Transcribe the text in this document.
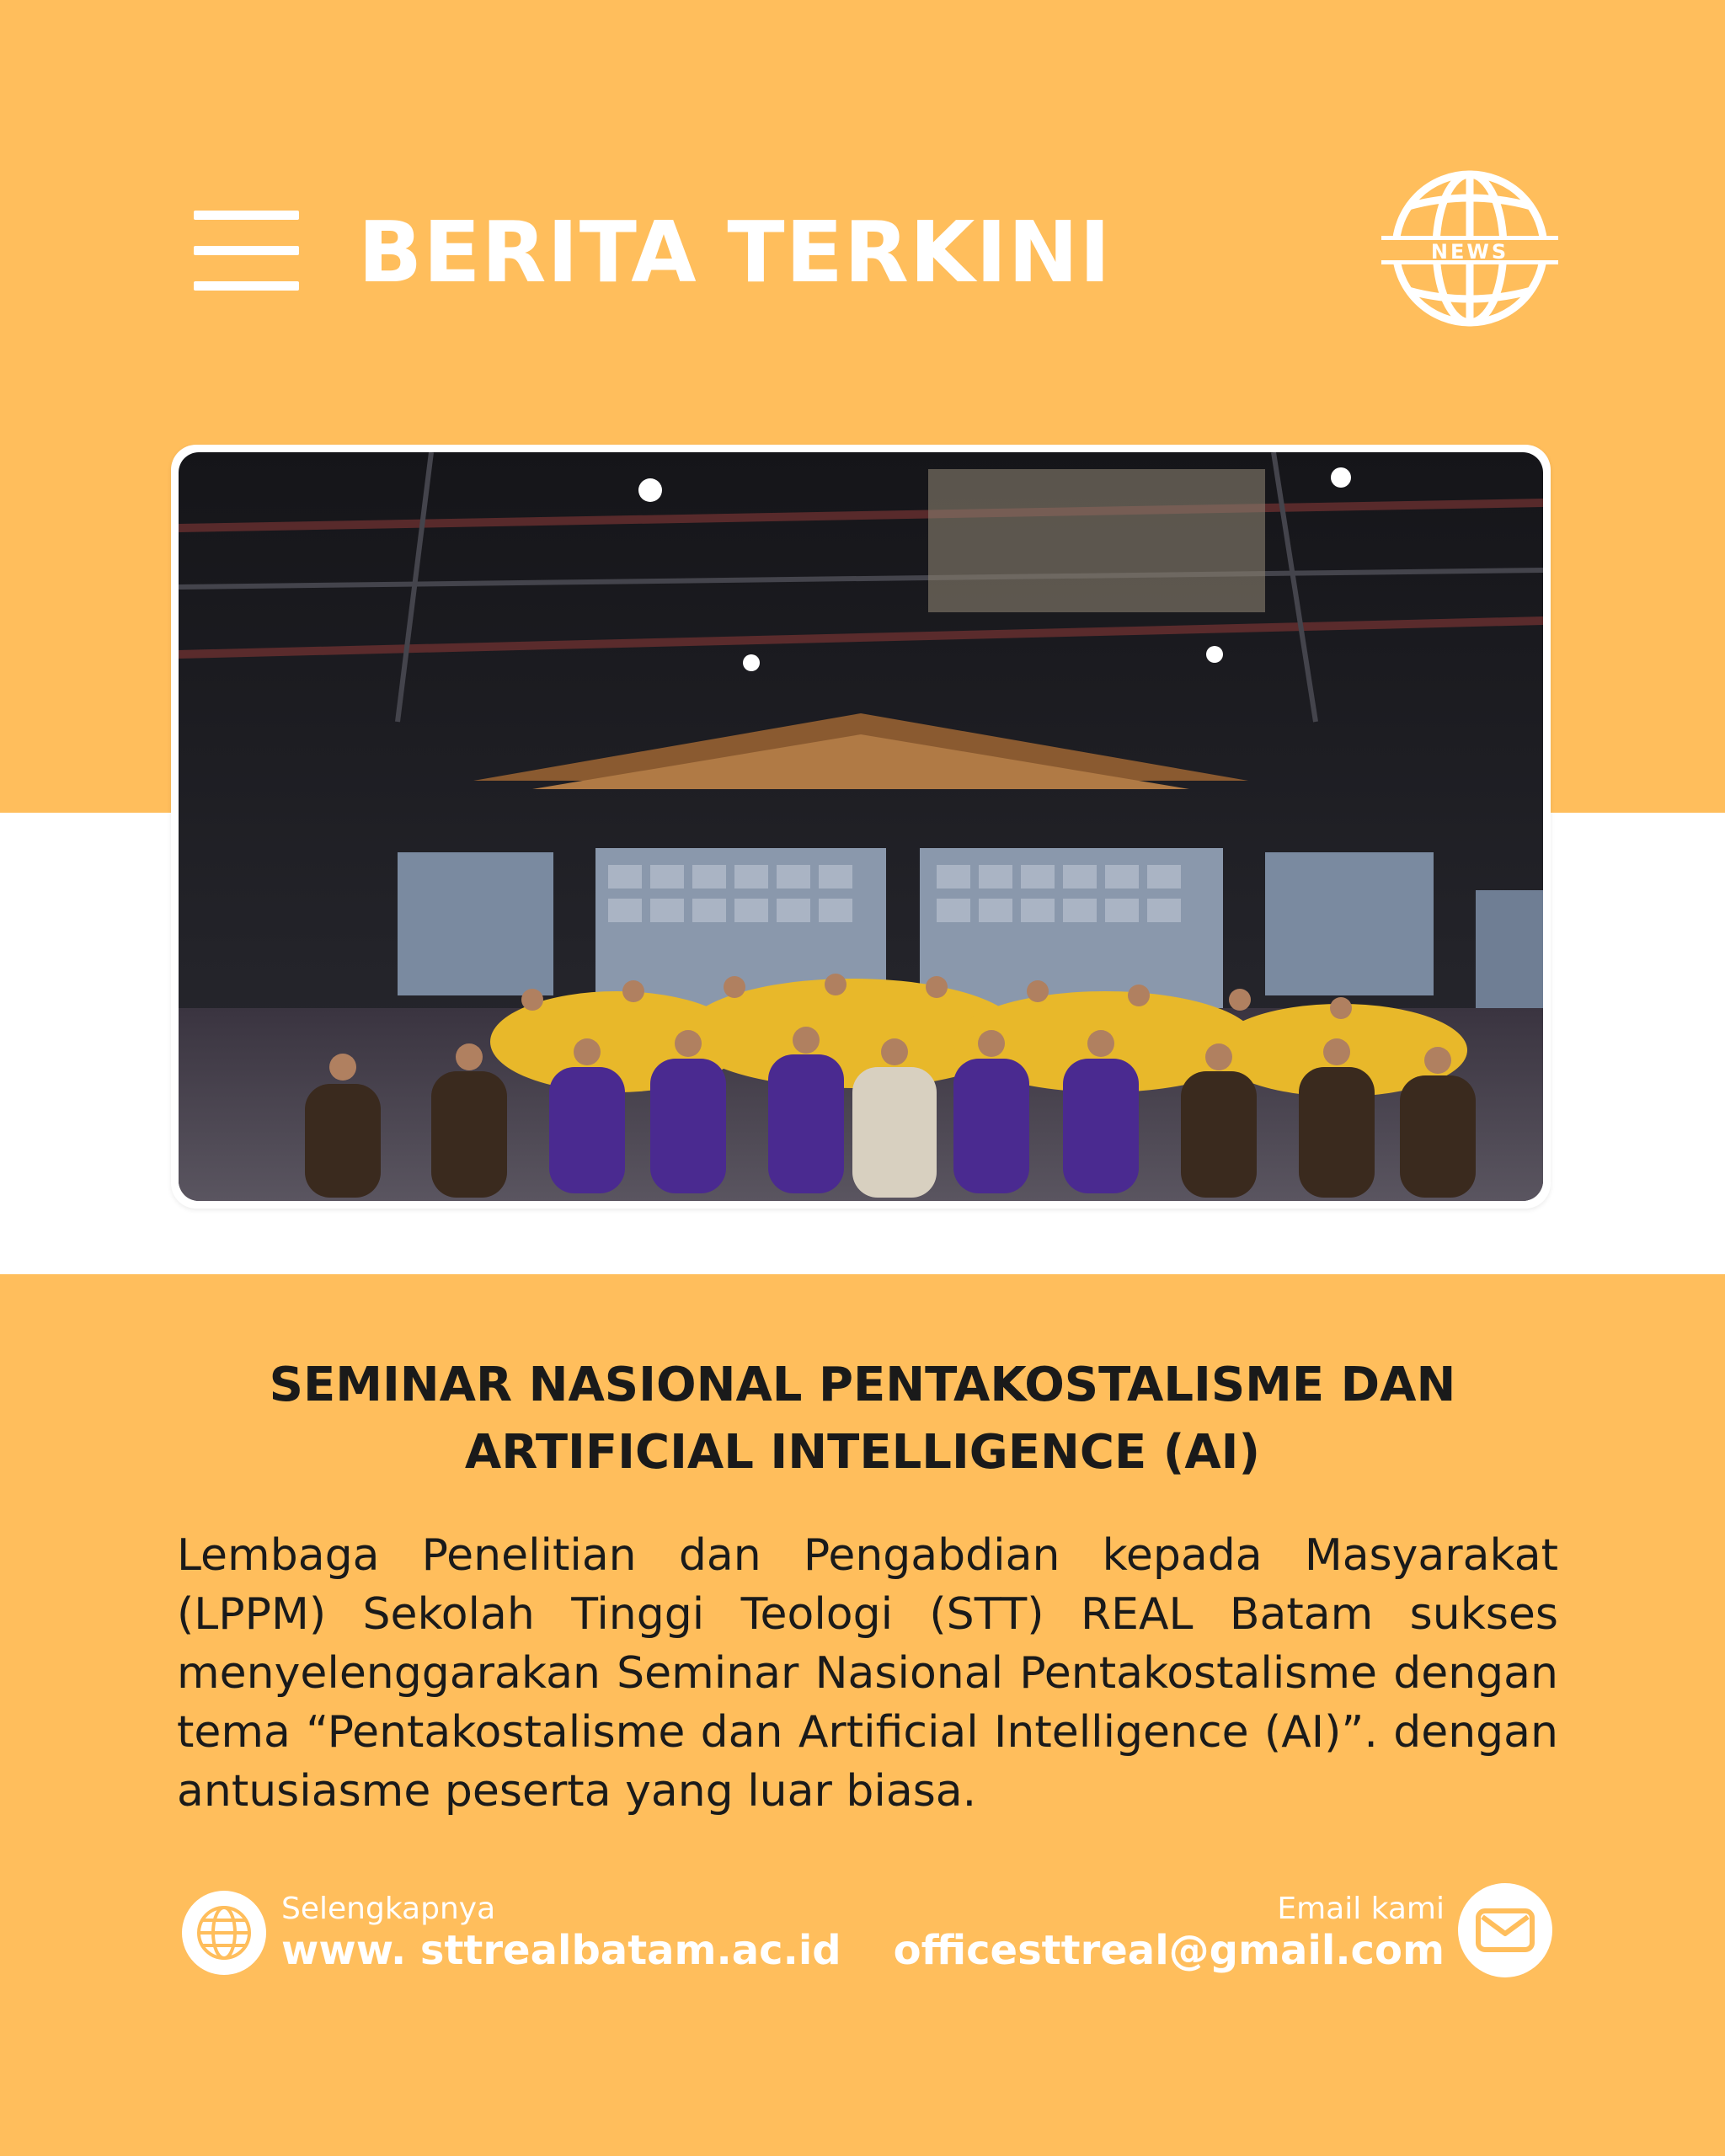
BERITA TERKINI	NEWS
SEMINAR NASIONAL PENTAKOSTALISME DAN ARTIFICIAL INTELLIGENCE (AI)
Lembaga Penelitian dan Pengabdian kepada Masyarakat (LPPM) Sekolah Tinggi Teologi (STT) REAL Batam sukses menyelenggarakan Seminar Nasional Pentakostalisme dengan tema “Pentakostalisme dan Artificial Intelligence (AI)”. dengan antusiasme peserta yang luar biasa.
Selengkapnya
www. sttrealbatam.ac.id
Email kami
officesttreal@gmail.com
